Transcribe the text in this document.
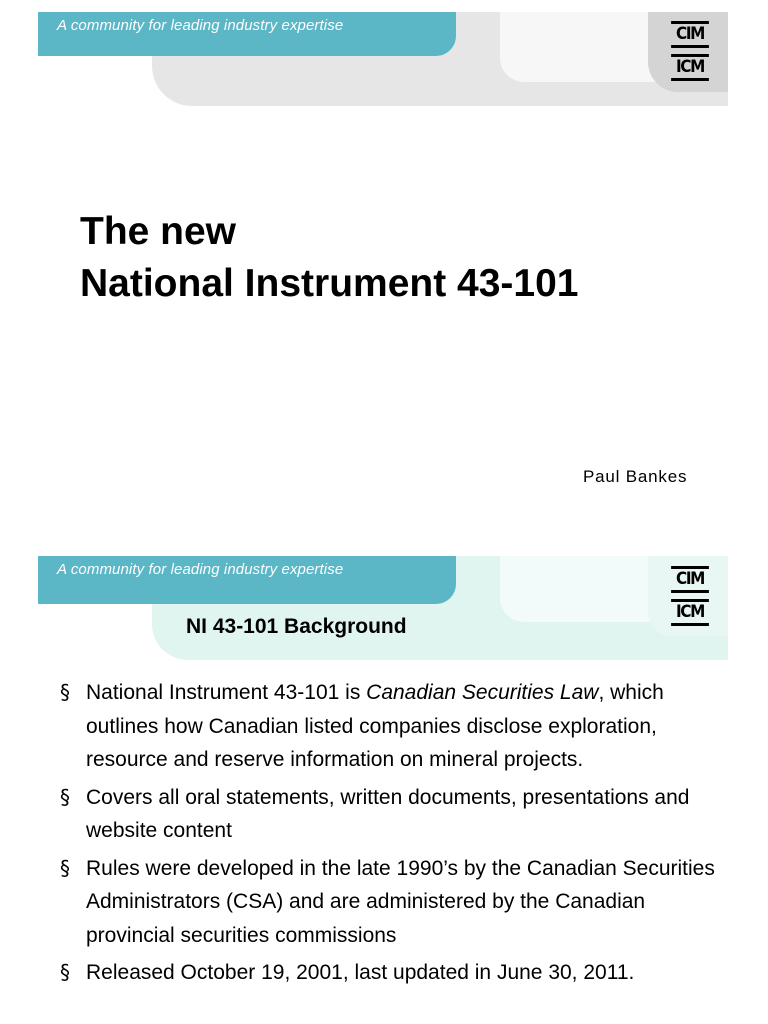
A community for leading industry expertise	CIM
ICM
The new
National Instrument 43-101
Paul Bankes
A community for leading industry expertise	CIM
ICM
NI 43-101 Background
§ National Instrument 43-101 is Canadian Securities Law, which outlines how Canadian listed companies disclose exploration, resource and reserve information on mineral projects.
§ Covers all oral statements, written documents, presentations and website content
§ Rules were developed in the late 1990’s by the Canadian Securities Administrators (CSA) and are administered by the Canadian provincial securities commissions
§ Released October 19, 2001, last updated in June 30, 2011.
